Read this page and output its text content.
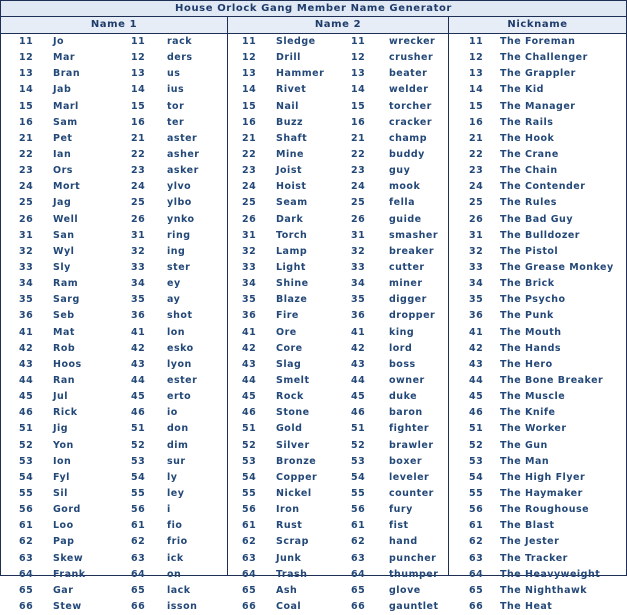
House Orlock Gang Member Name Generator
Name 1	Name 2	Nickname
11 Jo	11 rack	11 Sledge	11	wrecker	11 The Foreman
12 Mar	12 ders	12 Drill	12	crusher	12 The Challenger
13 Bran	13 us	13 Hammer	13	beater	13 The Grappler
14 Jab	14 ius	14 Rivet	14	welder	14 The Kid
15 Marl	15 tor	15 Nail	15	torcher	15 The Manager
16 Sam	16 ter	16 Buzz	16	cracker	16 The Rails
21 Pet	21 aster	21 Shaft	21	champ	21 The Hook
22 Ian	22 asher	22 Mine	22	buddy	22 The Crane
23 Ors	23 asker	23 Joist	23	guy	23 The Chain
24 Mort	24 ylvo	24 Hoist	24	mook	24 The Contender
25 Jag	25 ylbo	25 Seam	25	fella	25 The Rules
26 Well	26 ynko	26 Dark	26	guide	26 The Bad Guy
31 San	31 ring	31 Torch	31	smasher	31 The Bulldozer
32 Wyl	32 ing	32 Lamp	32	breaker	32 The Pistol
33 Sly	33 ster	33 Light	33	cutter	33 The Grease Monkey
34 Ram	34 ey	34 Shine	34	miner	34 The Brick
35 Sarg	35 ay	35 Blaze	35	digger	35 The Psycho
36 Seb	36 shot	36 Fire	36	dropper	36 The Punk
41 Mat	41 lon	41 Ore	41	king	41 The Mouth
42 Rob	42 esko	42 Core	42	lord	42 The Hands
43 Hoos	43 lyon	43 Slag	43	boss	43 The Hero
44 Ran	44 ester	44 Smelt	44	owner	44 The Bone Breaker
45 Jul	45 erto	45 Rock	45	duke	45 The Muscle
46 Rick	46 io	46 Stone	46	baron	46 The Knife
51 Jig	51 don	51 Gold	51	fighter	51 The Worker
52 Yon	52 dim	52 Silver	52	brawler	52 The Gun
53 Ion	53 sur	53 Bronze	53	boxer	53 The Man
54 Fyl	54 ly	54 Copper	54	leveler	54 The High Flyer
55 Sil	55 ley	55 Nickel	55	counter	55 The Haymaker
56 Gord	56 i	56 Iron	56	fury	56 The Roughouse
61 Loo	61 fio	61 Rust	61	fist	61 The Blast
62 Pap	62 frio	62 Scrap	62	hand	62 The Jester
63 Skew	63 ick	63 Junk	63	puncher	63 The Tracker
64 Frank	64 on	64 Trash	64	thumper	64 The Heavyweight
65 Gar	65 lack	65 Ash	65	glove	65 The Nighthawk
66 Stew	66 isson	66 Coal	66	gauntlet	66 The Heat
